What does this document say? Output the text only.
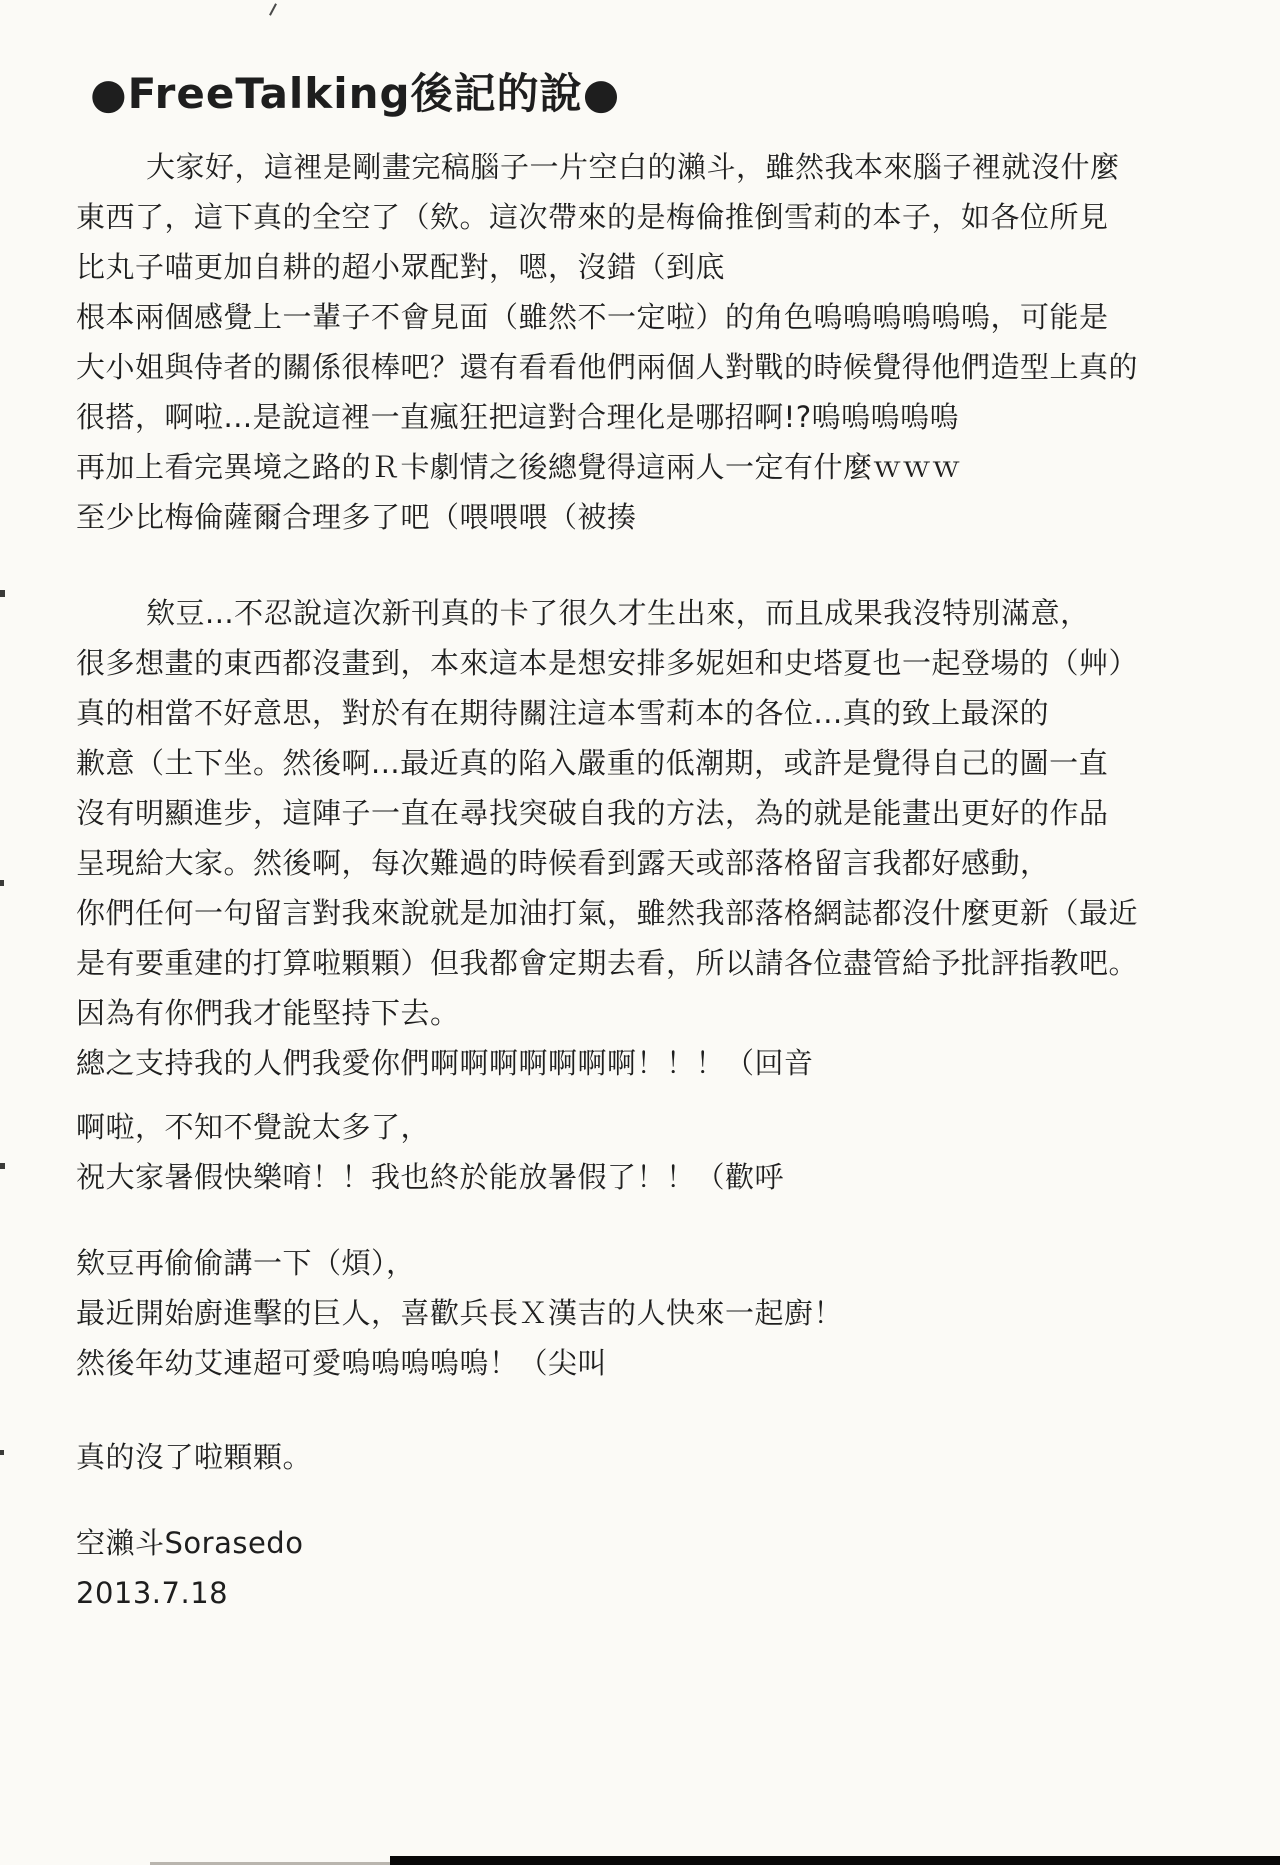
●FreeTalking後記的說●
大家好，這裡是剛畫完稿腦子一片空白的瀨斗，雖然我本來腦子裡就沒什麼
東西了，這下真的全空了（欸。這次帶來的是梅倫推倒雪莉的本子，如各位所見
比丸子喵更加自耕的超小眾配對，嗯，沒錯（到底
根本兩個感覺上一輩子不會見面（雖然不一定啦）的角色嗚嗚嗚嗚嗚嗚，可能是
大小姐與侍者的關係很棒吧？還有看看他們兩個人對戰的時候覺得他們造型上真的
很搭，啊啦...是說這裡一直瘋狂把這對合理化是哪招啊!?嗚嗚嗚嗚嗚
再加上看完異境之路的Ｒ卡劇情之後總覺得這兩人一定有什麼ｗｗｗ
至少比梅倫薩爾合理多了吧（喂喂喂（被揍
欸豆...不忍說這次新刊真的卡了很久才生出來，而且成果我沒特別滿意，
很多想畫的東西都沒畫到，本來這本是想安排多妮妲和史塔夏也一起登場的（艸）
真的相當不好意思，對於有在期待關注這本雪莉本的各位...真的致上最深的
歉意（土下坐。然後啊...最近真的陷入嚴重的低潮期，或許是覺得自己的圖一直
沒有明顯進步，這陣子一直在尋找突破自我的方法，為的就是能畫出更好的作品
呈現給大家。然後啊，每次難過的時候看到露天或部落格留言我都好感動，
你們任何一句留言對我來說就是加油打氣，雖然我部落格網誌都沒什麼更新（最近
是有要重建的打算啦顆顆）但我都會定期去看，所以請各位盡管給予批評指教吧。
因為有你們我才能堅持下去。
總之支持我的人們我愛你們啊啊啊啊啊啊啊！！！（回音
啊啦，不知不覺說太多了，
祝大家暑假快樂唷！！我也終於能放暑假了！！（歡呼
欸豆再偷偷講一下（煩），
最近開始廚進擊的巨人，喜歡兵長Ｘ漢吉的人快來一起廚！
然後年幼艾連超可愛嗚嗚嗚嗚嗚！（尖叫
真的沒了啦顆顆。
空瀨斗Sorasedo
2013.7.18
